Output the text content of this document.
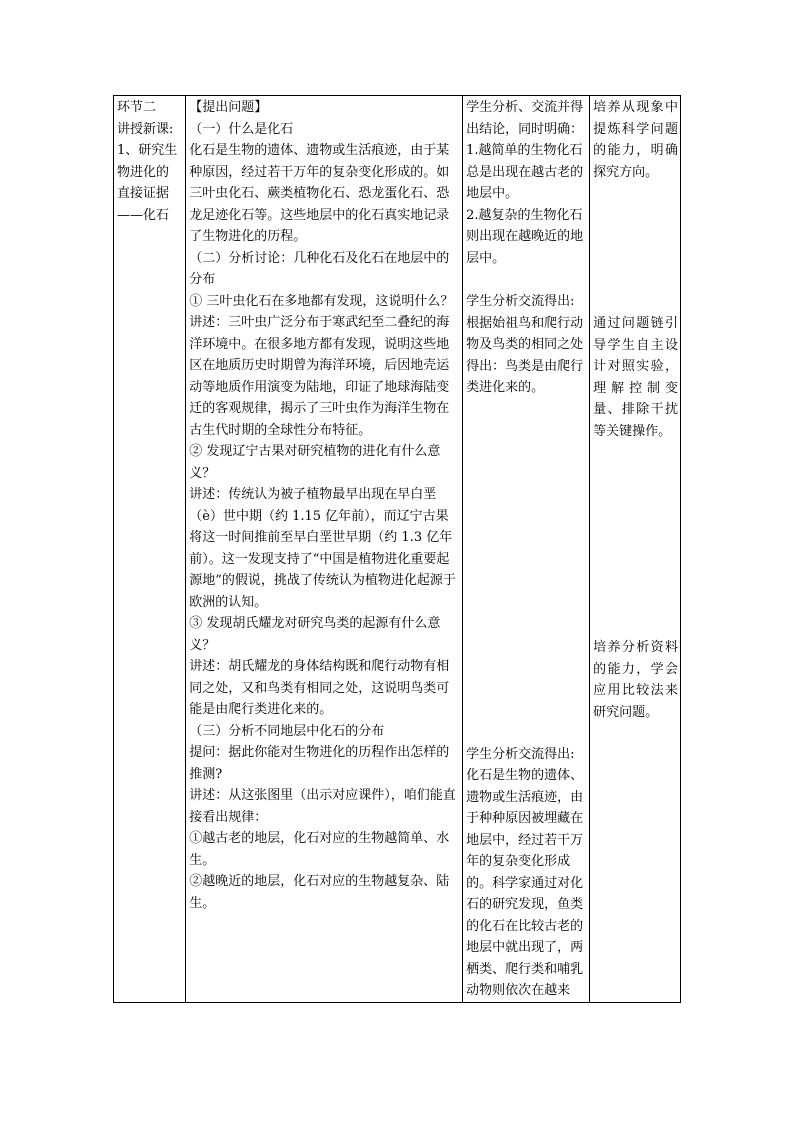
环节二
讲授新课:
1、研究生
物进化的
直接证据
——化石

【提出问题】
（一）什么是化石
化石是生物的遗体、遗物或生活痕迹，由于某种原因，经过若干万年的复杂变化形成的。如三叶虫化石、蕨类植物化石、恐龙蛋化石、恐龙足迹化石等。这些地层中的化石真实地记录了生物进化的历程。
（二）分析讨论：几种化石及化石在地层中的分布
① 三叶虫化石在多地都有发现，这说明什么？
讲述：三叶虫广泛分布于寒武纪至二叠纪的海洋环境中。在很多地方都有发现，说明这些地区在地质历史时期曾为海洋环境，后因地壳运动等地质作用演变为陆地，印证了地球海陆变迁的客观规律，揭示了三叶虫作为海洋生物在古生代时期的全球性分布特征。
② 发现辽宁古果对研究植物的进化有什么意义？
讲述：传统认为被子植物最早出现在早白垩（è）世中期（约 1.15 亿年前），而辽宁古果将这一时间推前至早白垩世早期（约 1.3 亿年前）。这一发现支持了“中国是植物进化重要起源地”的假说，挑战了传统认为植物进化起源于欧洲的认知。
③ 发现胡氏耀龙对研究鸟类的起源有什么意义？
讲述：胡氏耀龙的身体结构既和爬行动物有相同之处，又和鸟类有相同之处，这说明鸟类可能是由爬行类进化来的。
（三）分析不同地层中化石的分布
提问：据此你能对生物进化的历程作出怎样的推测?
讲述：从这张图里（出示对应课件），咱们能直接看出规律：
①越古老的地层，化石对应的生物越简单、水生。
②越晚近的地层，化石对应的生物越复杂、陆生。

学生分析、交流并得出结论，同时明确：
1.越简单的生物化石总是出现在越古老的地层中。
2.越复杂的生物化石则出现在越晚近的地层中。
学生分析交流得出:根据始祖鸟和爬行动物及鸟类的相同之处得出：鸟类是由爬行类进化来的。
学生分析交流得出:化石是生物的遗体、遗物或生活痕迹，由于种种原因被埋藏在地层中，经过若干万年的复杂变化形成的。科学家通过对化石的研究发现，鱼类的化石在比较古老的地层中就出现了，两栖类、爬行类和哺乳动物则依次在越来

培养从现象中提炼科学问题的能力，明确探究方向。
通过问题链引导学生自主设计对照实验，理解控制变量、排除干扰等关键操作。
培养分析资料的能力，学会应用比较法来研究问题。
